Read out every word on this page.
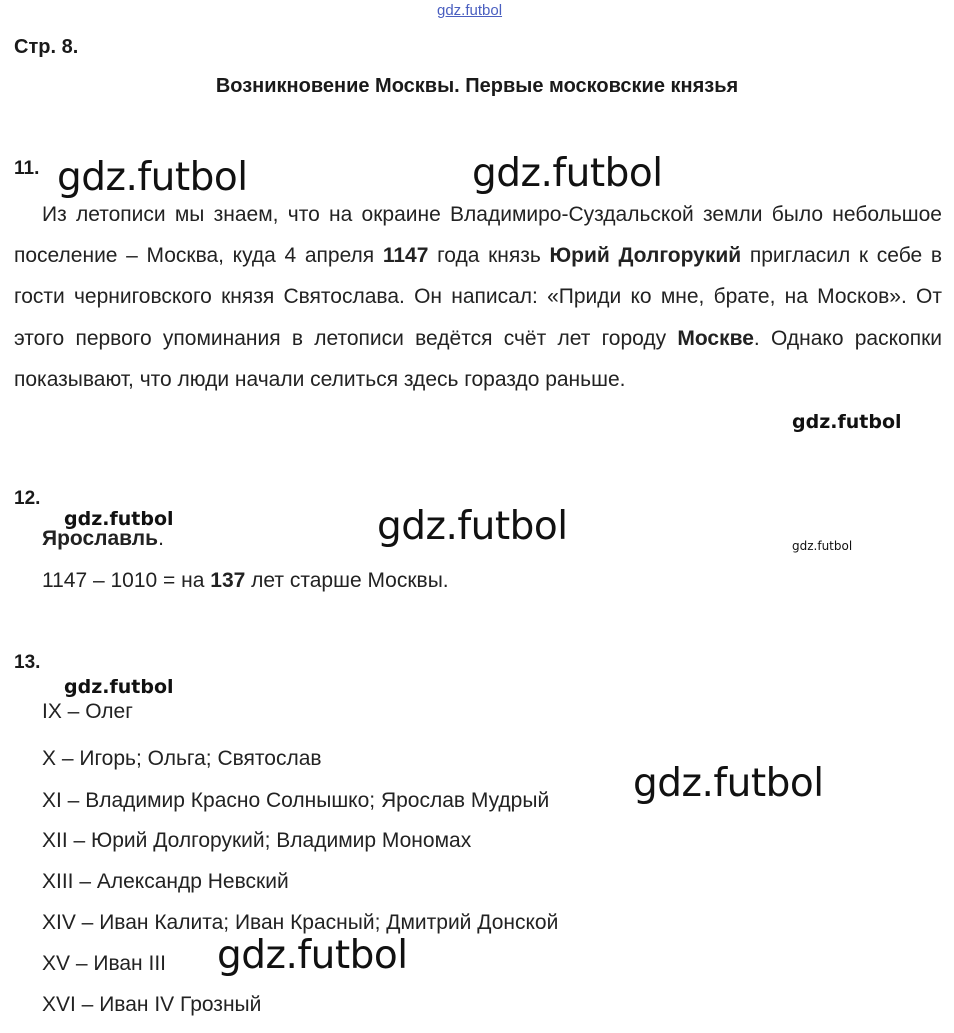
gdz.futbol
Стр. 8.
Возникновение Москвы. Первые московские князья
11.
Из летописи мы знаем, что на окраине Владимиро-Суздальской земли было небольшое поселение – Москва, куда 4 апреля 1147 года князь Юрий Долгорукий пригласил к себе в гости черниговского князя Святослава. Он написал: «Приди ко мне, брате, на Москов». От этого первого упоминания в летописи ведётся счёт лет городу Москве. Однако раскопки показывают, что люди начали селиться здесь гораздо раньше.
12.
Ярославль.
1147 – 1010 = на 137 лет старше Москвы.
13.
IX – Олег
X – Игорь; Ольга; Святослав
XI – Владимир Красно Солнышко; Ярослав Мудрый
XII – Юрий Долгорукий; Владимир Мономах
XIII – Александр Невский
XIV – Иван Калита; Иван Красный; Дмитрий Донской
XV – Иван III
XVI – Иван IV Грозный
gdz.futbol	gdz.futbol
gdz.futbol
gdz.futbol	gdz.futbol	gdz.futbol
gdz.futbol
gdz.futbol
gdz.futbol
